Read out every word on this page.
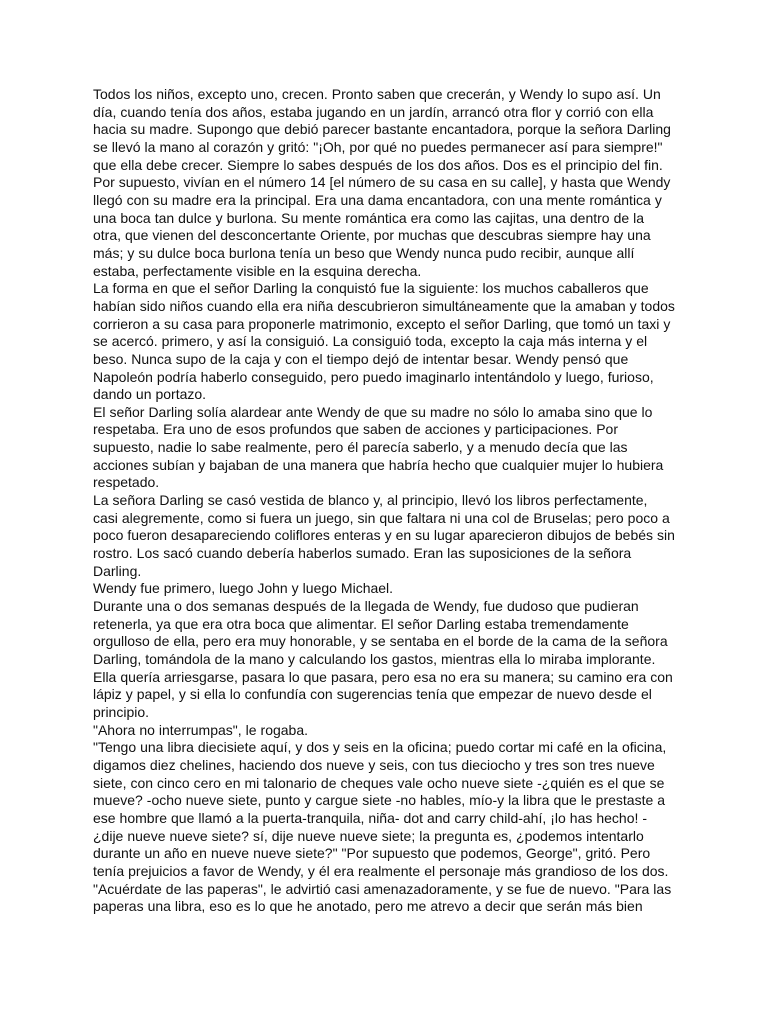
Todos los niños, excepto uno, crecen. Pronto saben que crecerán, y Wendy lo supo así. Un día, cuando tenía dos años, estaba jugando en un jardín, arrancó otra flor y corrió con ella hacia su madre. Supongo que debió parecer bastante encantadora, porque la señora Darling se llevó la mano al corazón y gritó: "¡Oh, por qué no puedes permanecer así para siempre!" que ella debe crecer. Siempre lo sabes después de los dos años. Dos es el principio del fin.

Por supuesto, vivían en el número 14 [el número de su casa en su calle], y hasta que Wendy llegó con su madre era la principal. Era una dama encantadora, con una mente romántica y una boca tan dulce y burlona. Su mente romántica era como las cajitas, una dentro de la otra, que vienen del desconcertante Oriente, por muchas que descubras siempre hay una más; y su dulce boca burlona tenía un beso que Wendy nunca pudo recibir, aunque allí estaba, perfectamente visible en la esquina derecha.

La forma en que el señor Darling la conquistó fue la siguiente: los muchos caballeros que habían sido niños cuando ella era niña descubrieron simultáneamente que la amaban y todos corrieron a su casa para proponerle matrimonio, excepto el señor Darling, que tomó un taxi y se acercó. primero, y así la consiguió. La consiguió toda, excepto la caja más interna y el beso. Nunca supo de la caja y con el tiempo dejó de intentar besar. Wendy pensó que Napoleón podría haberlo conseguido, pero puedo imaginarlo intentándolo y luego, furioso, dando un portazo.

El señor Darling solía alardear ante Wendy de que su madre no sólo lo amaba sino que lo respetaba. Era uno de esos profundos que saben de acciones y participaciones. Por supuesto, nadie lo sabe realmente, pero él parecía saberlo, y a menudo decía que las acciones subían y bajaban de una manera que habría hecho que cualquier mujer lo hubiera respetado.

La señora Darling se casó vestida de blanco y, al principio, llevó los libros perfectamente, casi alegremente, como si fuera un juego, sin que faltara ni una col de Bruselas; pero poco a poco fueron desapareciendo coliflores enteras y en su lugar aparecieron dibujos de bebés sin rostro. Los sacó cuando debería haberlos sumado. Eran las suposiciones de la señora Darling.

Wendy fue primero, luego John y luego Michael.

Durante una o dos semanas después de la llegada de Wendy, fue dudoso que pudieran retenerla, ya que era otra boca que alimentar. El señor Darling estaba tremendamente orgulloso de ella, pero era muy honorable, y se sentaba en el borde de la cama de la señora Darling, tomándola de la mano y calculando los gastos, mientras ella lo miraba implorante. Ella quería arriesgarse, pasara lo que pasara, pero esa no era su manera; su camino era con lápiz y papel, y si ella lo confundía con sugerencias tenía que empezar de nuevo desde el principio.

"Ahora no interrumpas", le rogaba.

"Tengo una libra diecisiete aquí, y dos y seis en la oficina; puedo cortar mi café en la oficina, digamos diez chelines, haciendo dos nueve y seis, con tus dieciocho y tres son tres nueve siete, con cinco cero en mi talonario de cheques vale ocho nueve siete -¿quién es el que se mueve? -ocho nueve siete, punto y cargue siete -no hables, mío-y la libra que le prestaste a ese hombre que llamó a la puerta-tranquila, niña- dot and carry child-ahí, ¡lo has hecho! - ¿dije nueve nueve siete? sí, dije nueve nueve siete; la pregunta es, ¿podemos intentarlo durante un año en nueve nueve siete?" "Por supuesto que podemos, George", gritó. Pero tenía prejuicios a favor de Wendy, y él era realmente el personaje más grandioso de los dos.

"Acuérdate de las paperas", le advirtió casi amenazadoramente, y se fue de nuevo. "Para las paperas una libra, eso es lo que he anotado, pero me atrevo a decir que serán más bien
